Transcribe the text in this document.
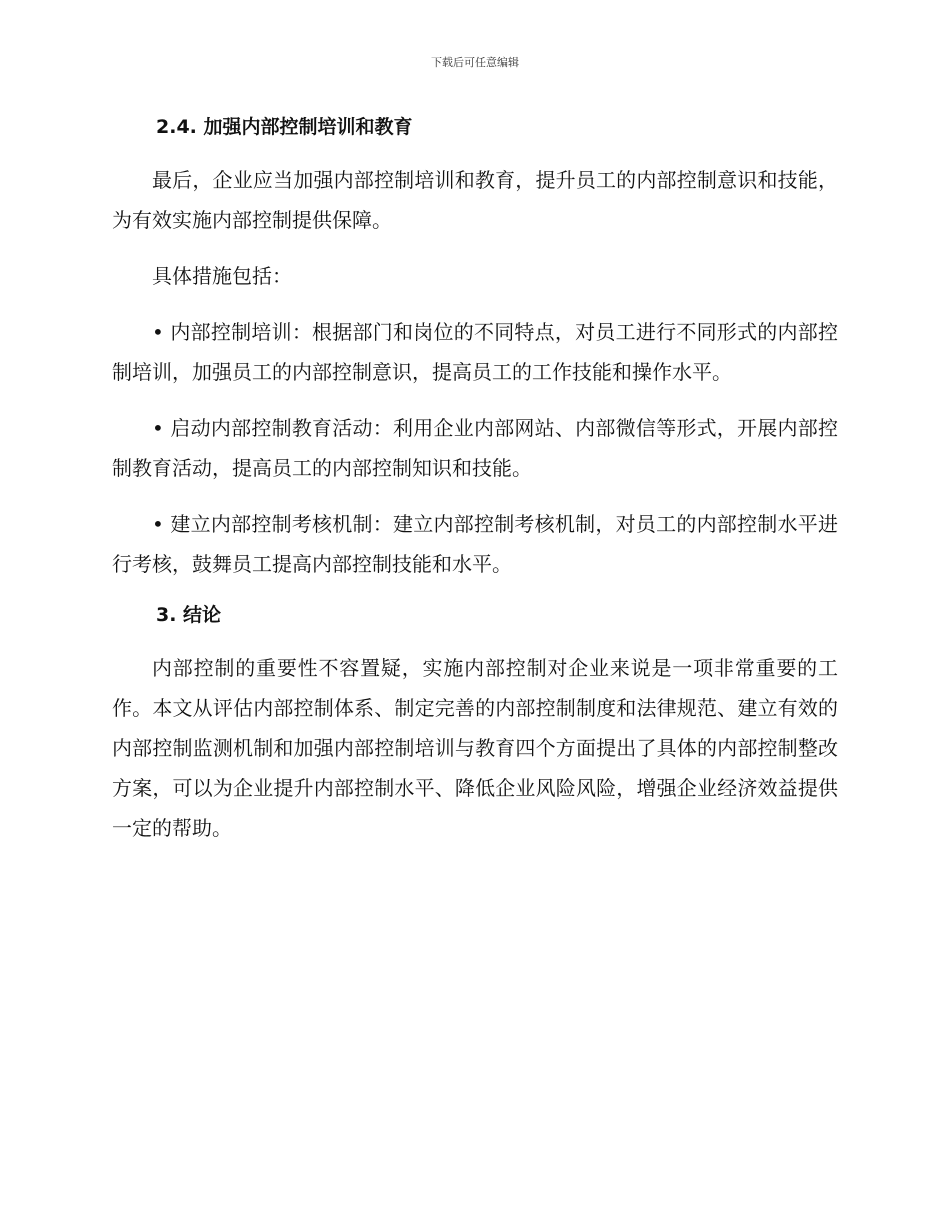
下载后可任意编辑
2.4. 加强内部控制培训和教育

最后，企业应当加强内部控制培训和教育，提升员工的内部控制意识和技能，为有效实施内部控制提供保障。

具体措施包括：

• 内部控制培训：根据部门和岗位的不同特点，对员工进行不同形式的内部控制培训，加强员工的内部控制意识，提高员工的工作技能和操作水平。

• 启动内部控制教育活动：利用企业内部网站、内部微信等形式，开展内部控制教育活动，提高员工的内部控制知识和技能。

• 建立内部控制考核机制：建立内部控制考核机制，对员工的内部控制水平进行考核，鼓舞员工提高内部控制技能和水平。

3. 结论

内部控制的重要性不容置疑，实施内部控制对企业来说是一项非常重要的工作。本文从评估内部控制体系、制定完善的内部控制制度和法律规范、建立有效的内部控制监测机制和加强内部控制培训与教育四个方面提出了具体的内部控制整改方案，可以为企业提升内部控制水平、降低企业风险风险，增强企业经济效益提供一定的帮助。
